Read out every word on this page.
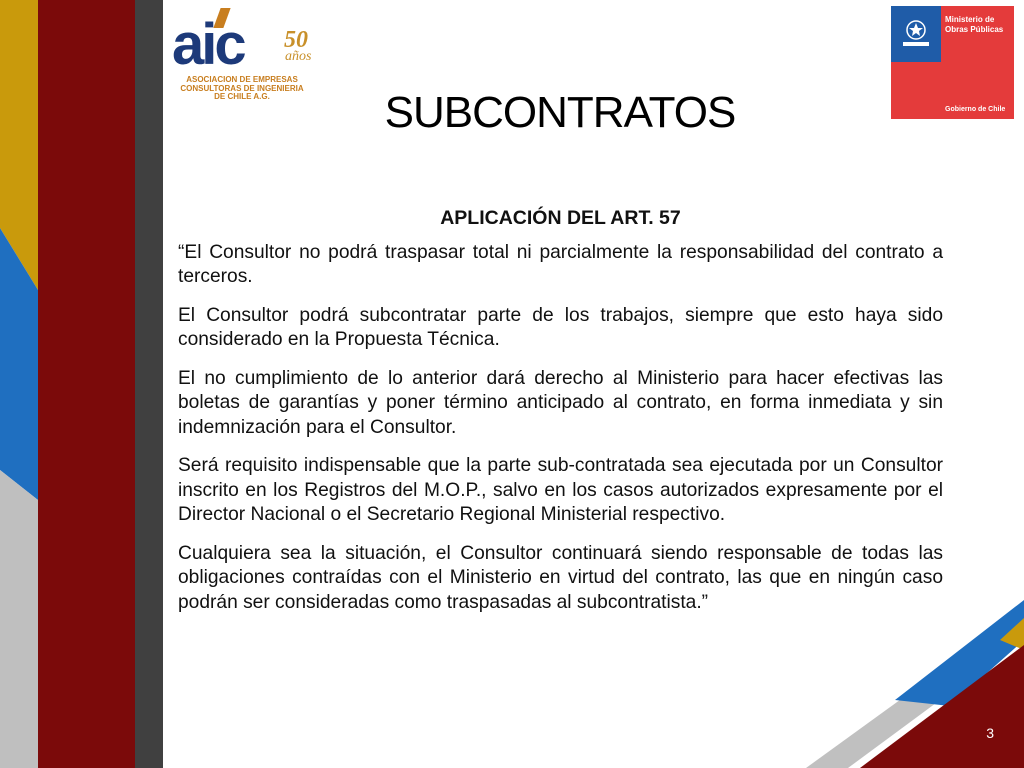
aic 50
años
ASOCIACION DE EMPRESAS
CONSULTORAS DE INGENIERIA
DE CHILE A.G.
Ministerio de Obras Públicas
Gobierno de Chile
SUBCONTRATOS
APLICACIÓN DEL ART. 57

“El Consultor no podrá traspasar total ni parcialmente la responsabilidad del contrato a terceros.

El Consultor podrá subcontratar parte de los trabajos, siempre que esto haya sido considerado en la Propuesta Técnica.

El no cumplimiento de lo anterior dará derecho al Ministerio para hacer efectivas las boletas de garantías y poner término anticipado al contrato, en forma inmediata y sin indemnización para el Consultor.

Será requisito indispensable que la parte sub-contratada sea ejecutada por un Consultor inscrito en los Registros del M.O.P., salvo en los casos autorizados expresamente por el Director Nacional o el Secretario Regional Ministerial respectivo.

Cualquiera sea la situación, el Consultor continuará siendo responsable de todas las obligaciones contraídas con el Ministerio en virtud del contrato, las que en ningún caso podrán ser consideradas como traspasadas al subcontratista.”

3
